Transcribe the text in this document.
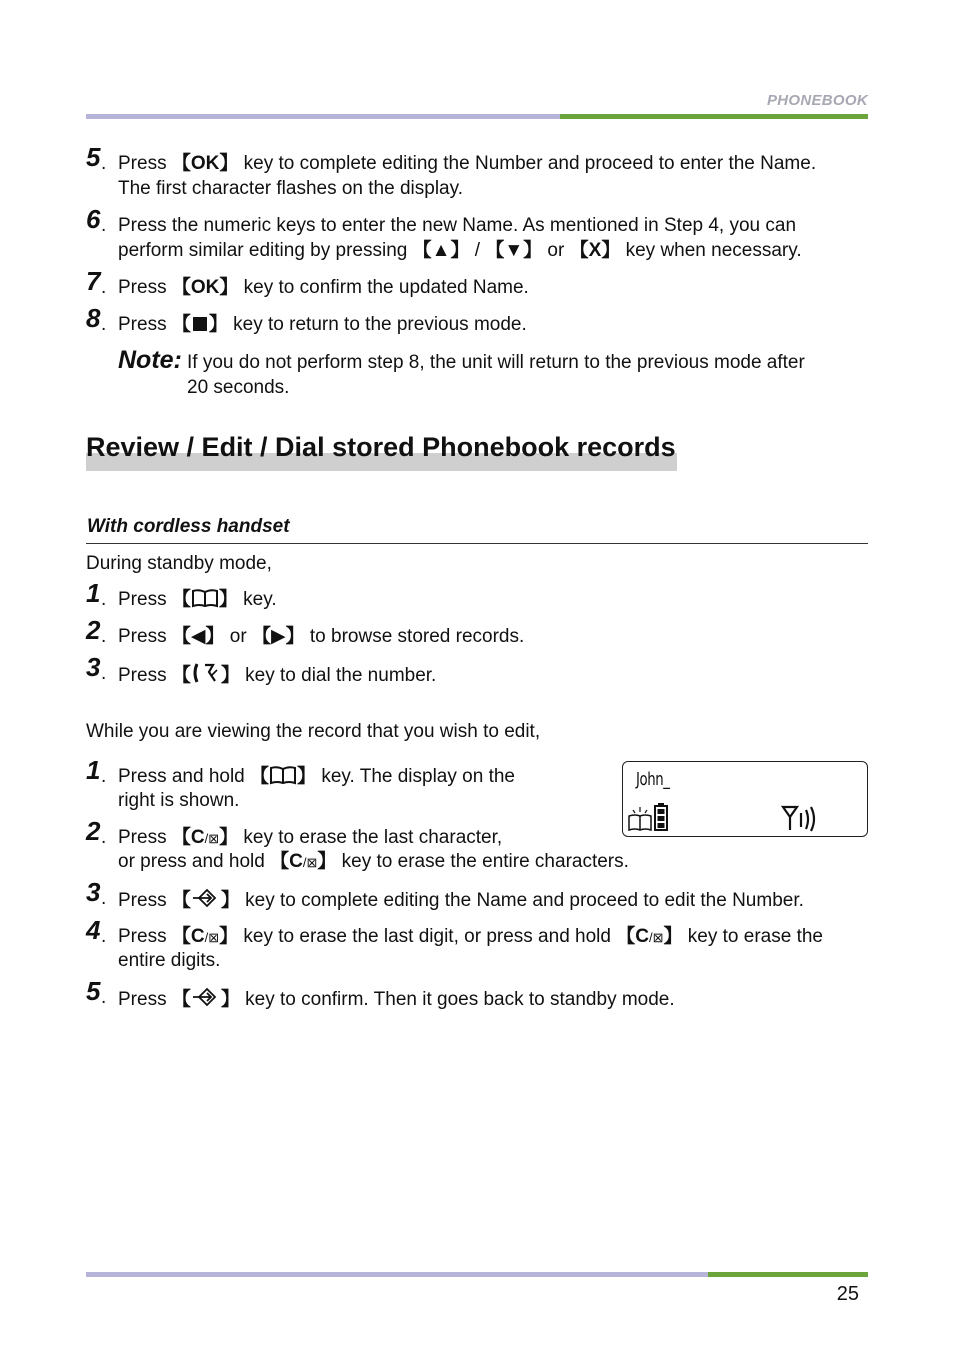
PHONEBOOK
5 . Press 【OK】 key to complete editing the Number and proceed to enter the Name.
The first character flashes on the display.
6 . Press the numeric keys to enter the new Name. As mentioned in Step 4, you can
perform similar editing by pressing 【▲】 / 【▼】 or 【X】 key when necessary.
7 . Press 【OK】 key to confirm the updated Name.
8 . Press 【 】 key to return to the previous mode.
Note: If you do not perform step 8, the unit will return to the previous mode after
20 seconds.
Review / Edit / Dial stored Phonebook records
With cordless handset
During standby mode,
1 . Press 【 】 key.
2 . Press 【◀】 or 【▶】 to browse stored records.
3 . Press 【 】 key to dial the number.
While you are viewing the record that you wish to edit,
John_
1 . Press and hold 【 】 key. The display on the
right is shown.
2 . Press 【C/⊠】 key to erase the last character,
or press and hold 【C/⊠】 key to erase the entire characters.
3 . Press 【 】 key to complete editing the Name and proceed to edit the Number.
4 . Press 【C/⊠】 key to erase the last digit, or press and hold 【C/⊠】 key to erase the
entire digits.
5 . Press 【 】 key to confirm. Then it goes back to standby mode.
25
